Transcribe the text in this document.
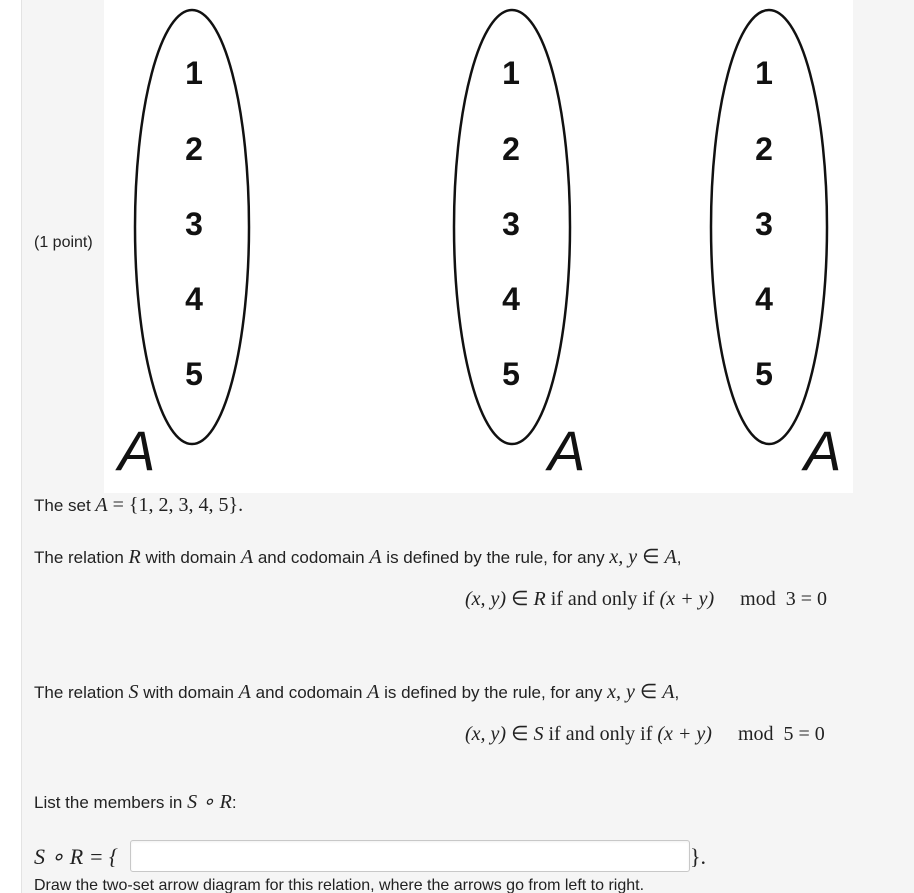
(1 point)
1
2
3
4
5
A
1
2
3
4
5
A
1
2
3
4
5
A
The set A = {1, 2, 3, 4, 5}.
The relation R with domain A and codomain A is defined by the rule, for any x, y ∈ A,
(x, y) ∈ R if and only if (x + y) mod 3 = 0
The relation S with domain A and codomain A is defined by the rule, for any x, y ∈ A,
(x, y) ∈ S if and only if (x + y) mod 5 = 0
List the members in S ∘ R:
S ∘ R = {	}.
Draw the two-set arrow diagram for this relation, where the arrows go from left to right.
